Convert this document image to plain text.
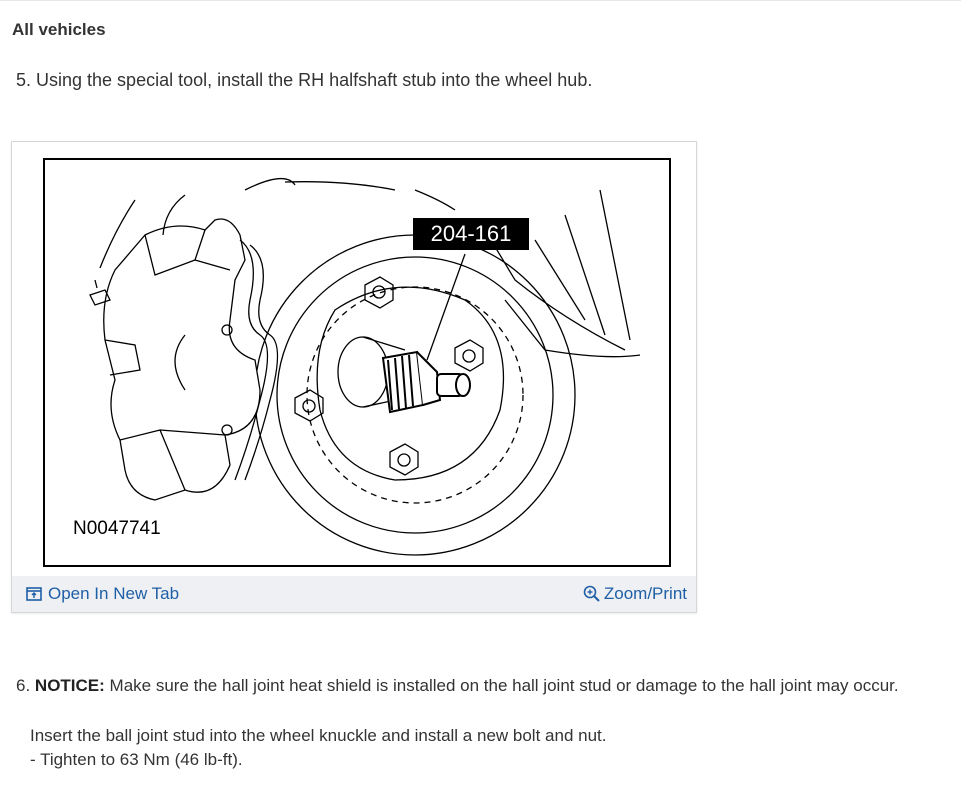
All vehicles
5. Using the special tool, install the RH halfshaft stub into the wheel hub.
204-161
N0047741
Open In New Tab	Zoom/Print
6. NOTICE: Make sure the hall joint heat shield is installed on the hall joint stud or damage to the hall joint may occur.
Insert the ball joint stud into the wheel knuckle and install a new bolt and nut.
- Tighten to 63 Nm (46 lb-ft).
